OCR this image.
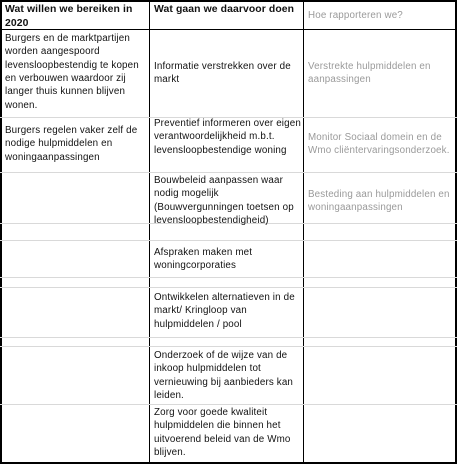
Wat willen we bereiken in 2020
Wat gaan we daarvoor doen
Hoe rapporteren we?
Burgers en de marktpartijen worden aangespoord levensloopbestendig te kopen en verbouwen waardoor zij langer thuis kunnen blijven wonen.
Burgers regelen vaker zelf de nodige hulpmiddelen en woningaanpassingen
Informatie verstrekken over de markt
Preventief informeren over eigen verantwoordelijkheid m.b.t. levensloopbestendige woning
Bouwbeleid aanpassen waar nodig mogelijk (Bouwvergunningen toetsen op levensloopbestendigheid)
Afspraken maken met woningcorporaties
Ontwikkelen alternatieven in de markt/ Kringloop van hulpmiddelen / pool
Onderzoek of de wijze van de inkoop hulpmiddelen tot vernieuwing bij aanbieders kan leiden.
Zorg voor goede kwaliteit hulpmiddelen die binnen het uitvoerend beleid van de Wmo blijven.
Verstrekte hulpmiddelen en aanpassingen
Monitor Sociaal domein en de Wmo cliëntervaringsonderzoek.
Besteding aan hulpmiddelen en woningaanpassingen
